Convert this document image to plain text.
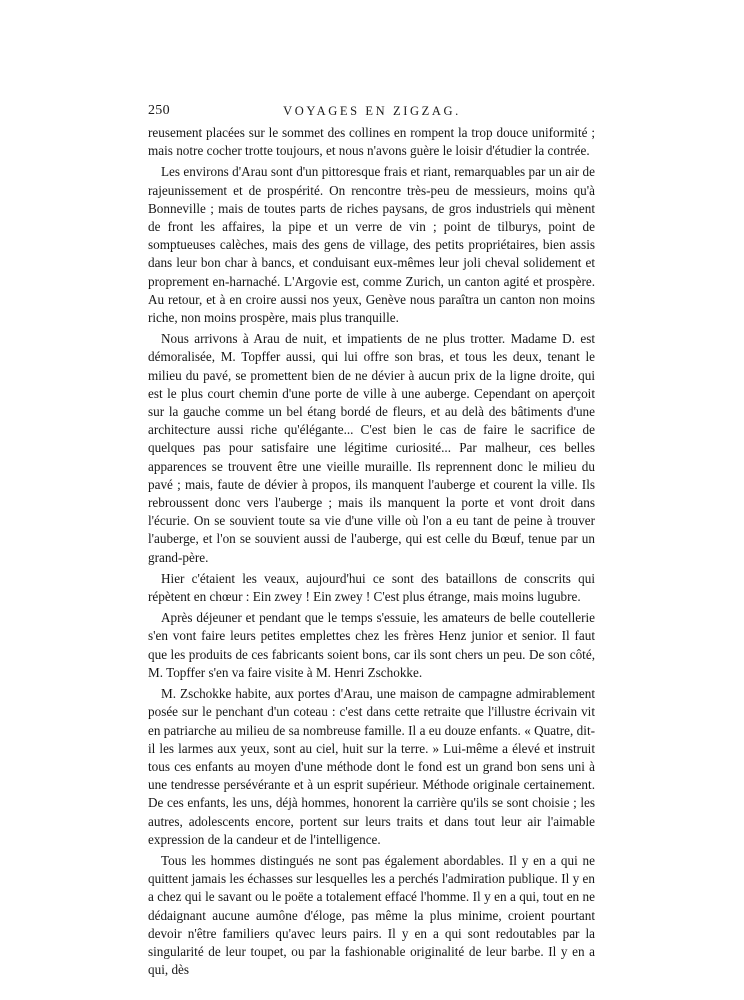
250	VOYAGES EN ZIGZAG.

reusement placées sur le sommet des collines en rompent la trop douce uniformité ; mais notre cocher trotte toujours, et nous n'avons guère le loisir d'étudier la contrée.

Les environs d'Arau sont d'un pittoresque frais et riant, remarquables par un air de rajeunissement et de prospérité. On rencontre très-peu de messieurs, moins qu'à Bonneville ; mais de toutes parts de riches paysans, de gros industriels qui mènent de front les affaires, la pipe et un verre de vin ; point de tilburys, point de somptueuses calèches, mais des gens de village, des petits propriétaires, bien assis dans leur bon char à bancs, et conduisant eux-mêmes leur joli cheval solidement et proprement en-harnaché. L'Argovie est, comme Zurich, un canton agité et prospère. Au retour, et à en croire aussi nos yeux, Genève nous paraîtra un canton non moins riche, non moins prospère, mais plus tranquille.

Nous arrivons à Arau de nuit, et impatients de ne plus trotter. Madame D. est démoralisée, M. Topffer aussi, qui lui offre son bras, et tous les deux, tenant le milieu du pavé, se promettent bien de ne dévier à aucun prix de la ligne droite, qui est le plus court chemin d'une porte de ville à une auberge. Cependant on aperçoit sur la gauche comme un bel étang bordé de fleurs, et au delà des bâtiments d'une architecture aussi riche qu'élégante... C'est bien le cas de faire le sacrifice de quelques pas pour satisfaire une légitime curiosité... Par malheur, ces belles apparences se trouvent être une vieille muraille. Ils reprennent donc le milieu du pavé ; mais, faute de dévier à propos, ils manquent l'auberge et courent la ville. Ils rebroussent donc vers l'auberge ; mais ils manquent la porte et vont droit dans l'écurie. On se souvient toute sa vie d'une ville où l'on a eu tant de peine à trouver l'auberge, et l'on se souvient aussi de l'auberge, qui est celle du Bœuf, tenue par un grand-père.

Hier c'étaient les veaux, aujourd'hui ce sont des bataillons de conscrits qui répètent en chœur : Ein zwey ! Ein zwey ! C'est plus étrange, mais moins lugubre.

Après déjeuner et pendant que le temps s'essuie, les amateurs de belle coutellerie s'en vont faire leurs petites emplettes chez les frères Henz junior et senior. Il faut que les produits de ces fabricants soient bons, car ils sont chers un peu. De son côté, M. Topffer s'en va faire visite à M. Henri Zschokke.

M. Zschokke habite, aux portes d'Arau, une maison de campagne admirablement posée sur le penchant d'un coteau : c'est dans cette retraite que l'illustre écrivain vit en patriarche au milieu de sa nombreuse famille. Il a eu douze enfants. « Quatre, dit-il les larmes aux yeux, sont au ciel, huit sur la terre. » Lui-même a élevé et instruit tous ces enfants au moyen d'une méthode dont le fond est un grand bon sens uni à une tendresse persévérante et à un esprit supérieur. Méthode originale certainement. De ces enfants, les uns, déjà hommes, honorent la carrière qu'ils se sont choisie ; les autres, adolescents encore, portent sur leurs traits et dans tout leur air l'aimable expression de la candeur et de l'intelligence.

Tous les hommes distingués ne sont pas également abordables. Il y en a qui ne quittent jamais les échasses sur lesquelles les a perchés l'admiration publique. Il y en a chez qui le savant ou le poëte a totalement effacé l'homme. Il y en a qui, tout en ne dédaignant aucune aumône d'éloge, pas même la plus minime, croient pourtant devoir n'être familiers qu'avec leurs pairs. Il y en a qui sont redoutables par la singularité de leur toupet, ou par la fashionable originalité de leur barbe. Il y en a qui, dès
